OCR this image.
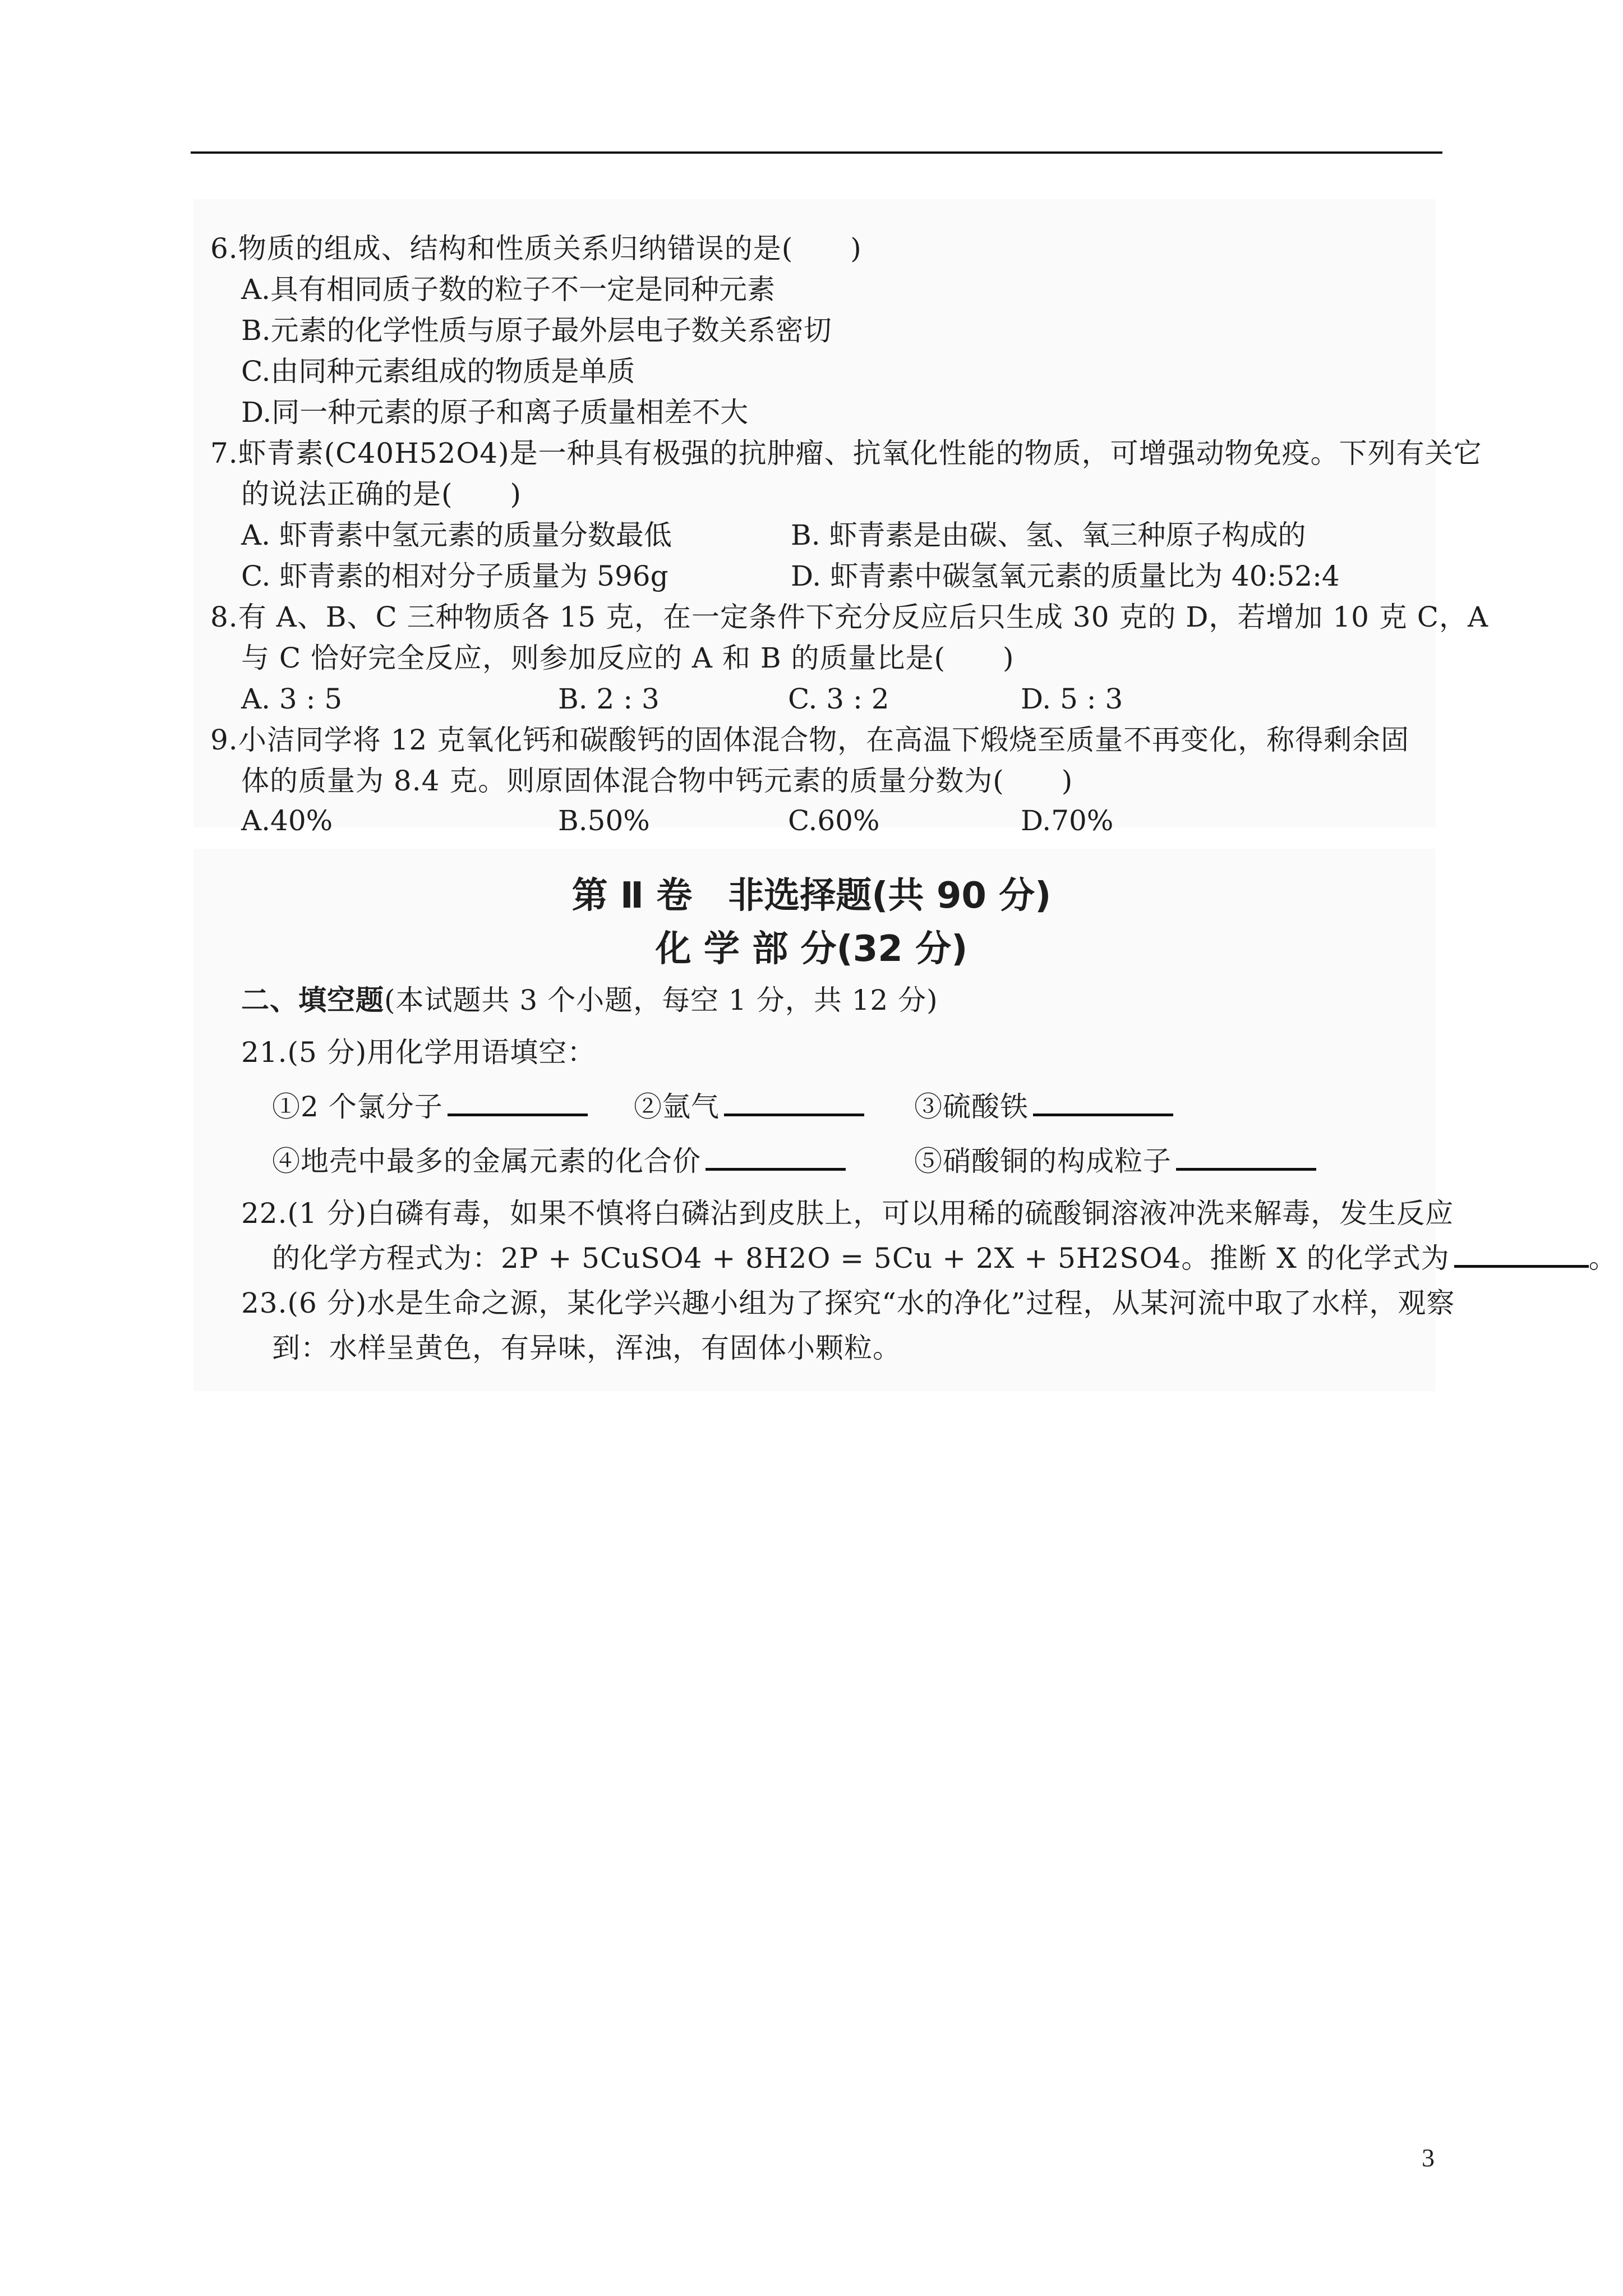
6.物质的组成、结构和性质关系归纳错误的是(　　)
A.具有相同质子数的粒子不一定是同种元素
B.元素的化学性质与原子最外层电子数关系密切
C.由同种元素组成的物质是单质
D.同一种元素的原子和离子质量相差不大
7.虾青素(C40H52O4)是一种具有极强的抗肿瘤、抗氧化性能的物质，可增强动物免疫。下列有关它
的说法正确的是(　　)
A. 虾青素中氢元素的质量分数最低	B. 虾青素是由碳、氢、氧三种原子构成的
C. 虾青素的相对分子质量为 596g	D. 虾青素中碳氢氧元素的质量比为 40:52:4
8.有 A、B、C 三种物质各 15 克，在一定条件下充分反应后只生成 30 克的 D，若增加 10 克 C，A
与 C 恰好完全反应，则参加反应的 A 和 B 的质量比是(　　)
A. 3 : 5	B. 2 : 3	C. 3 : 2	D. 5 : 3
9.小洁同学将 12 克氧化钙和碳酸钙的固体混合物，在高温下煅烧至质量不再变化，称得剩余固
体的质量为 8.4 克。则原固体混合物中钙元素的质量分数为(　　)
A.40%	B.50%	C.60%	D.70%
第 Ⅱ 卷　非选择题(共 90 分)
化 学 部 分(32 分)
二、填空题(本试题共 3 个小题，每空 1 分，共 12 分)
21.(5 分)用化学用语填空：
①2 个氯分子	②氩气	③硫酸铁
④地壳中最多的金属元素的化合价	⑤硝酸铜的构成粒子
22.(1 分)白磷有毒，如果不慎将白磷沾到皮肤上，可以用稀的硫酸铜溶液冲洗来解毒，发生反应
的化学方程式为：2P + 5CuSO4 + 8H2O = 5Cu + 2X + 5H2SO4。推断 X 的化学式为	。
23.(6 分)水是生命之源，某化学兴趣小组为了探究“水的净化”过程，从某河流中取了水样，观察
到：水样呈黄色，有异味，浑浊，有固体小颗粒。
3
